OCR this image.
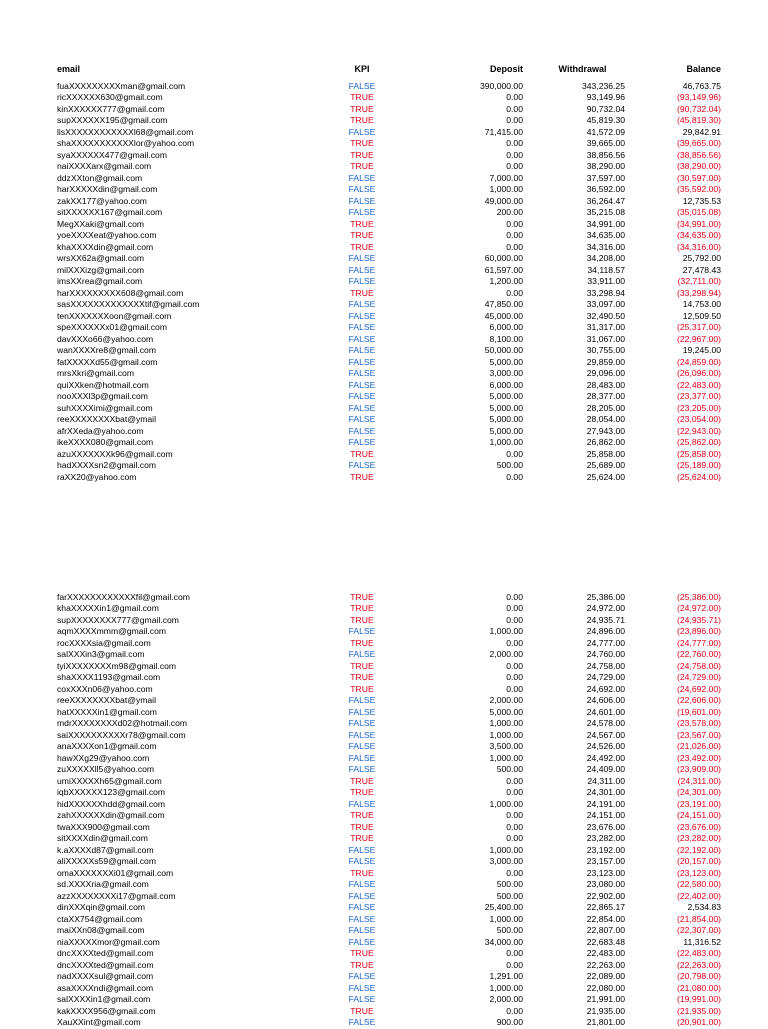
email	KPI	Deposit	Withdrawal	Balance
fuaXXXXXXXXXman@gmail.com	FALSE	390,000.00	343,236.25	46,763.75
ricXXXXXX630@gmail.com	TRUE	0.00	93,149.96	(93,149.96)
kinXXXXXX777@gmail.com	TRUE	0.00	90,732.04	(90,732.04)
supXXXXXX195@gmail.com	TRUE	0.00	45,819.30	(45,819.30)
lisXXXXXXXXXXXXl68@gmail.com	FALSE	71,415.00	41,572.09	29,842.91
shaXXXXXXXXXXXlor@yahoo.com	TRUE	0.00	39,665.00	(39,665.00)
syaXXXXXX477@gmail.com	TRUE	0.00	38,856.56	(38,856.56)
naiXXXXarx@gmail.com	TRUE	0.00	38,290.00	(38,290.00)
ddzXXton@gmail.com	FALSE	7,000.00	37,597.00	(30,597.00)
harXXXXXdin@gmail.com	FALSE	1,000.00	36,592.00	(35,592.00)
zakXX177@yahoo.com	FALSE	49,000.00	36,264.47	12,735.53
sitXXXXXX167@gmail.com	FALSE	200.00	35,215.08	(35,015.08)
MegXXaki@gmail.com	TRUE	0.00	34,991.00	(34,991.00)
yoeXXXXeat@yahoo.com	TRUE	0.00	34,635.00	(34,635.00)
khaXXXXdin@gmail.com	TRUE	0.00	34,316.00	(34,316.00)
wrsXX62a@gmail.com	FALSE	60,000.00	34,208.00	25,792.00
milXXXizg@gmail.com	FALSE	61,597.00	34,118.57	27,478.43
imsXXrea@gmail.com	FALSE	1,200.00	33,911.00	(32,711.00)
harXXXXXXXXX608@gmail.com	TRUE	0.00	33,298.94	(33,298.94)
sasXXXXXXXXXXXXXtif@gmail.com	FALSE	47,850.00	33,097.00	14,753.00
tenXXXXXXXoon@gmail.com	FALSE	45,000.00	32,490.50	12,509.50
speXXXXXXx01@gmail.com	FALSE	6,000.00	31,317.00	(25,317.00)
davXXXo66@yahoo.com	FALSE	8,100.00	31,067.00	(22,967.00)
wanXXXXre8@gmail.com	FALSE	50,000.00	30,755.00	19,245.00
fatXXXXXd55@gmail.com	FALSE	5,000.00	29,859.00	(24,859.00)
mrsXkri@gmail.com	FALSE	3,000.00	29,096.00	(26,096.00)
quiXXken@hotmail.com	FALSE	6,000.00	28,483.00	(22,483.00)
nooXXXl3p@gmail.com	FALSE	5,000.00	28,377.00	(23,377.00)
suhXXXXimi@gmail.com	FALSE	5,000.00	28,205.00	(23,205.00)
reeXXXXXXXXbat@ymail	FALSE	5,000.00	28,054.00	(23,054.00)
afrXXeda@yahoo.com	FALSE	5,000.00	27,943.00	(22,943.00)
ikeXXXX080@gmail.com	FALSE	1,000.00	26,862.00	(25,862.00)
azuXXXXXXXk96@gmail.com	TRUE	0.00	25,858.00	(25,858.00)
hadXXXXsn2@gmail.com	FALSE	500.00	25,689.00	(25,189.00)
raXX20@yahoo.com	TRUE	0.00	25,624.00	(25,624.00)
farXXXXXXXXXXXXfil@gmail.com	TRUE	0.00	25,386.00	(25,386.00)
khaXXXXXin1@gmail.com	TRUE	0.00	24,972.00	(24,972.00)
supXXXXXXXX777@gmail.com	TRUE	0.00	24,935.71	(24,935.71)
aqmXXXXmmm@gmail.com	FALSE	1,000.00	24,896.00	(23,896.00)
rocXXXXsia@gmail.com	TRUE	0.00	24,777.00	(24,777.00)
salXXXin3@gmail.com	FALSE	2,000.00	24,760.00	(22,760.00)
tyiXXXXXXXXm98@gmail.com	TRUE	0.00	24,758.00	(24,758.00)
shaXXXX1193@gmail.com	TRUE	0.00	24,729.00	(24,729.00)
coxXXXn06@yahoo.com	TRUE	0.00	24,692.00	(24,692.00)
reeXXXXXXXXbat@ymail	FALSE	2,000.00	24,606.00	(22,606.00)
hatXXXXXin1@gmail.com	FALSE	5,000.00	24,601.00	(19,601.00)
mdrXXXXXXXXd02@hotmail.com	FALSE	1,000.00	24,578.00	(23,578.00)
saiXXXXXXXXXXr78@gmail.com	FALSE	1,000.00	24,567.00	(23,567.00)
anaXXXXon1@gmail.com	FALSE	3,500.00	24,526.00	(21,026.00)
hawXXg29@yahoo.com	FALSE	1,000.00	24,492.00	(23,492.00)
zuXXXXXll5@yahoo.com	FALSE	500.00	24,409.00	(23,909.00)
umiXXXXXh65@gmail.com	TRUE	0.00	24,311.00	(24,311.00)
iqbXXXXXX123@gmail.com	TRUE	0.00	24,301.00	(24,301.00)
hidXXXXXXhdd@gmail.com	FALSE	1,000.00	24,191.00	(23,191.00)
zahXXXXXXdin@gmail.com	TRUE	0.00	24,151.00	(24,151.00)
twaXXX900@gmail.com	TRUE	0.00	23,676.00	(23,676.00)
sitXXXXdin@gmail.com	TRUE	0.00	23,282.00	(23,282.00)
k.aXXXXd87@gmail.com	FALSE	1,000.00	23,192.00	(22,192.00)
aliXXXXXs59@gmail.com	FALSE	3,000.00	23,157.00	(20,157.00)
omaXXXXXXXi01@gmail.com	TRUE	0.00	23,123.00	(23,123.00)
sd.XXXXria@gmail.com	FALSE	500.00	23,080.00	(22,580.00)
azzXXXXXXXXi17@gmail.com	FALSE	500.00	22,902.00	(22,402.00)
dinXXXqin@gmail.com	FALSE	25,400.00	22,865.17	2,534.83
ctaXX754@gmail.com	FALSE	1,000.00	22,854.00	(21,854.00)
maiXXn08@gmail.com	FALSE	500.00	22,807.00	(22,307.00)
niaXXXXXmor@gmail.com	FALSE	34,000.00	22,683.48	11,316.52
dncXXXXted@gmail.com	TRUE	0.00	22,483.00	(22,483.00)
dncXXXXted@gmail.com	TRUE	0.00	22,263.00	(22,263.00)
nadXXXXsul@gmail.com	FALSE	1,291.00	22,089.00	(20,798.00)
asaXXXXndi@gmail.com	FALSE	1,000.00	22,080.00	(21,080.00)
salXXXXin1@gmail.com	FALSE	2,000.00	21,991.00	(19,991.00)
kakXXXX956@gmail.com	TRUE	0.00	21,935.00	(21,935.00)
XauXXint@gmail.com	FALSE	900.00	21,801.00	(20,901.00)
